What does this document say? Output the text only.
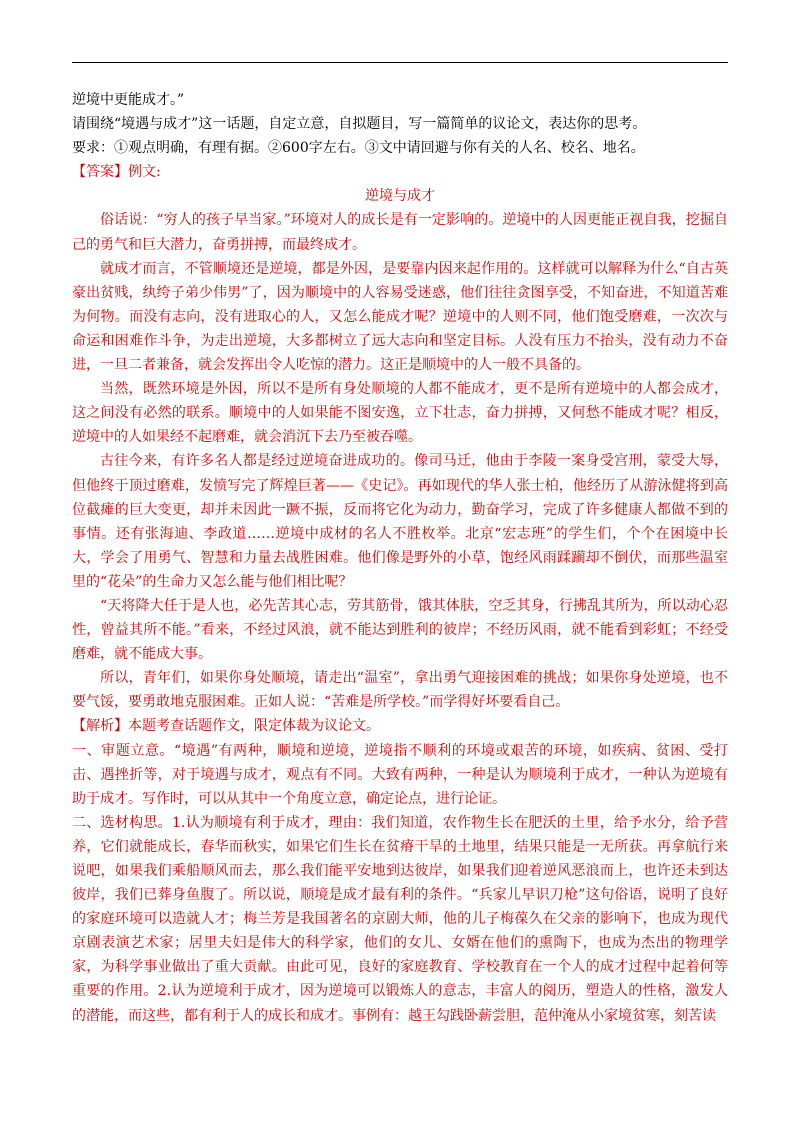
逆境中更能成才。”

请围绕“境遇与成才”这一话题，自定立意，自拟题目，写一篇简单的议论文，表达你的思考。

要求：①观点明确，有理有据。②600字左右。③文中请回避与你有关的人名、校名、地名。

【答案】例文:

逆境与成才

俗话说：“穷人的孩子早当家。”环境对人的成长是有一定影响的。逆境中的人因更能正视自我，挖掘自己的勇气和巨大潜力，奋勇拼搏，而最终成才。

就成才而言，不管顺境还是逆境，都是外因，是要靠内因来起作用的。这样就可以解释为什么“自古英豪出贫贱，纨绔子弟少伟男”了，因为顺境中的人容易受迷惑，他们往往贪图享受，不知奋进，不知道苦难为何物。而没有志向，没有进取心的人，又怎么能成才呢？逆境中的人则不同，他们饱受磨难，一次次与命运和困难作斗争，为走出逆境，大多都树立了远大志向和坚定目标。人没有压力不抬头，没有动力不奋进，一旦二者兼备，就会发挥出令人吃惊的潜力。这正是顺境中的人一般不具备的。

当然，既然环境是外因，所以不是所有身处顺境的人都不能成才，更不是所有逆境中的人都会成才，这之间没有必然的联系。顺境中的人如果能不图安逸，立下壮志，奋力拼搏，又何愁不能成才呢？相反，逆境中的人如果经不起磨难，就会消沉下去乃至被吞噬。

古往今来，有许多名人都是经过逆境奋进成功的。像司马迁，他由于李陵一案身受宫刑，蒙受大辱，但他终于顶过磨难，发愤写完了辉煌巨著——《史记》。再如现代的华人张士柏，他经历了从游泳健将到高位截瘫的巨大变更，却并未因此一蹶不振，反而将它化为动力，勤奋学习，完成了许多健康人都做不到的事情。还有张海迪、李政道……逆境中成材的名人不胜枚举。北京“宏志班”的学生们，个个在困境中长大，学会了用勇气、智慧和力量去战胜困难。他们像是野外的小草，饱经风雨蹂躏却不倒伏，而那些温室里的“花朵”的生命力又怎么能与他们相比呢？

“天将降大任于是人也，必先苦其心志，劳其筋骨，饿其体肤，空乏其身，行拂乱其所为，所以动心忍性，曾益其所不能。”看来，不经过风浪，就不能达到胜利的彼岸；不经历风雨，就不能看到彩虹；不经受磨难，就不能成大事。

所以，青年们，如果你身处顺境，请走出“温室”，拿出勇气迎接困难的挑战；如果你身处逆境，也不要气馁，要勇敢地克服困难。正如人说：“苦难是所学校。”而学得好坏要看自己。

【解析】本题考查话题作文，限定体裁为议论文。

一、审题立意。“境遇”有两种，顺境和逆境，逆境指不顺利的环境或艰苦的环境，如疾病、贫困、受打击、遇挫折等，对于境遇与成才，观点有不同。大致有两种，一种是认为顺境利于成才，一种认为逆境有助于成才。写作时，可以从其中一个角度立意，确定论点，进行论证。

二、选材构思。1.认为顺境有利于成才，理由：我们知道，农作物生长在肥沃的土里，给予水分，给予营养，它们就能成长，春华而秋实，如果它们生长在贫瘠干旱的土地里，结果只能是一无所获。再拿航行来说吧，如果我们乘船顺风而去，那么我们能平安地到达彼岸，如果我们迎着逆风恶浪而上，也许还未到达彼岸，我们已葬身鱼腹了。所以说，顺境是成才最有利的条件。“兵家儿早识刀枪”这句俗语，说明了良好的家庭环境可以造就人才；梅兰芳是我国著名的京剧大师，他的儿子梅葆久在父亲的影响下，也成为现代京剧表演艺术家；居里夫妇是伟大的科学家，他们的女儿、女婿在他们的熏陶下，也成为杰出的物理学家，为科学事业做出了重大贡献。由此可见，良好的家庭教育、学校教育在一个人的成才过程中起着何等重要的作用。2.认为逆境利于成才，因为逆境可以锻炼人的意志，丰富人的阅历，塑造人的性格，激发人的潜能，而这些，都有利于人的成长和成才。事例有：越王勾践卧薪尝胆，范仲淹从小家境贫寒，刻苦读
